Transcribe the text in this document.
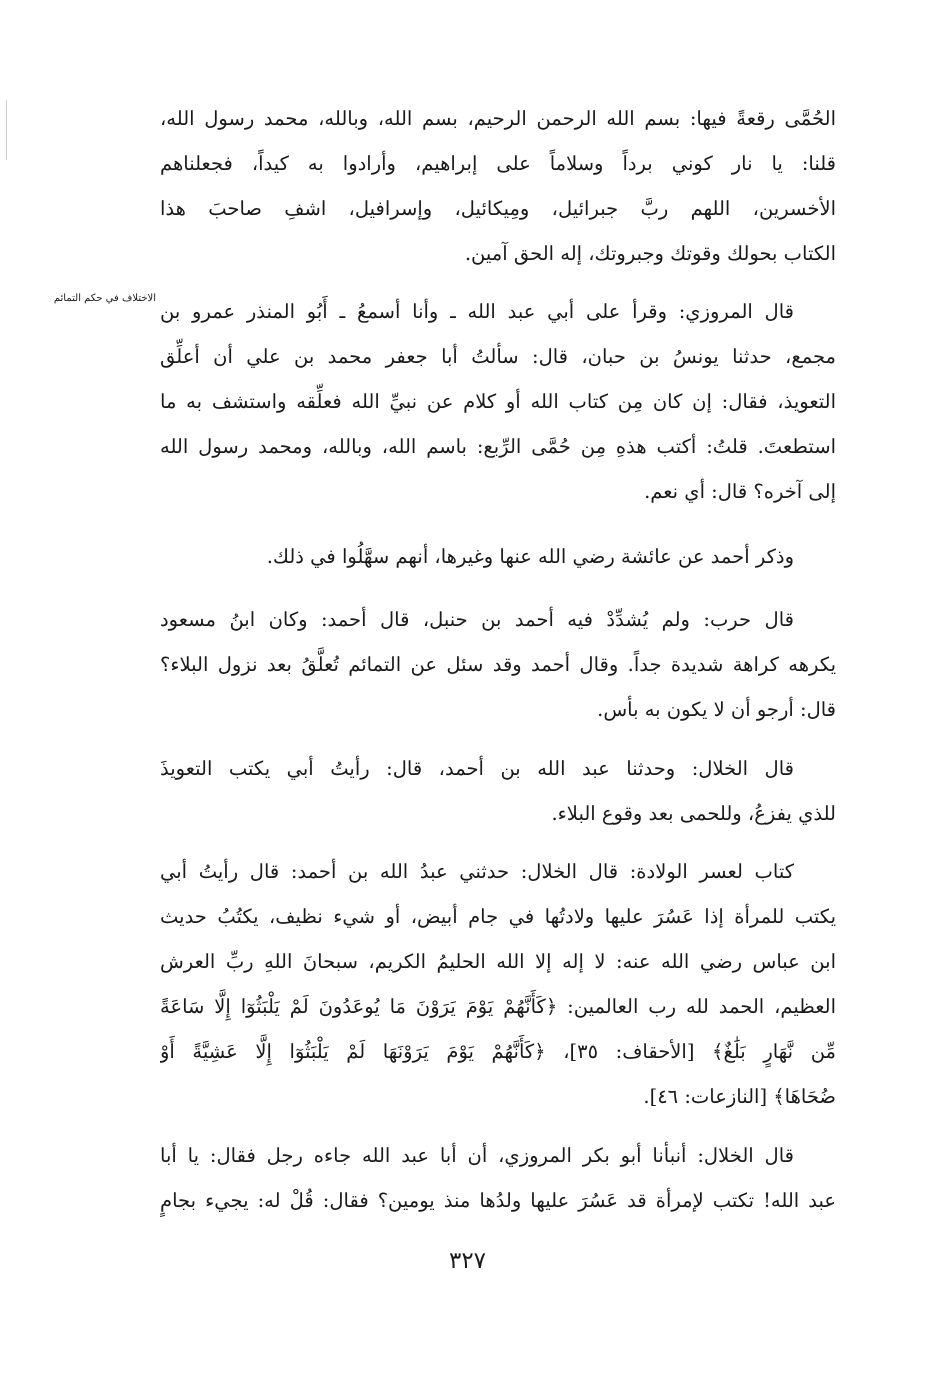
الاختلاف في حكم التمائم
الحُمَّى رقعةً فيها: بسم الله الرحمن الرحيم، بسم الله، وبالله، محمد رسول الله،
قلنا: يا نار كوني برداً وسلاماً على إبراهيم، وأرادوا به كيداً، فجعلناهم
الأخسرين، اللهم ربَّ جبرائيل، ومِيكائيل، وإسرافيل، اشفِ صاحبَ هذا
الكتاب بحولك وقوتك وجبروتك، إله الحق آمين.
قال المروزي: وقرأ على أبي عبد الله ـ وأنا أسمعُ ـ أَبُو المنذر عمرو بن
مجمع، حدثنا يونسُ بن حبان، قال: سألتُ أبا جعفر محمد بن علي أن أعلِّق
التعويذ، فقال: إن كان مِن كتاب الله أو كلام عن نبيِّ الله فعلِّقه واستشف به ما
استطعتَ. قلتُ: أكتب هذهِ مِن حُمَّى الرِّبع: باسم الله، وبالله، ومحمد رسول الله
إلى آخره؟ قال: أي نعم.
وذكر أحمد عن عائشة رضي الله عنها وغيرها، أنهم سهَّلُوا في ذلك.
قال حرب: ولم يُشدِّدْ فيه أحمد بن حنبل، قال أحمد: وكان ابنُ مسعود
يكرهه كراهة شديدة جداً. وقال أحمد وقد سئل عن التمائم تُعلَّقُ بعد نزول البلاء؟
قال: أرجو أن لا يكون به بأس.
قال الخلال: وحدثنا عبد الله بن أحمد، قال: رأيتُ أبي يكتب التعويذَ
للذي يفزعُ، وللحمى بعد وقوع البلاء.
كتاب لعسر الولادة: قال الخلال: حدثني عبدُ الله بن أحمد: قال رأيتُ أبي
يكتب للمرأة إذا عَسُرَ عليها ولادتُها في جام أبيض، أو شيء نظيف، يكتُبُ حديث
ابن عباس رضي الله عنه: لا إله إلا الله الحليمُ الكريم، سبحانَ اللهِ ربِّ العرش
العظيم، الحمد لله رب العالمين: ﴿كَأَنَّهُمْ يَوْمَ يَرَوْنَ مَا يُوعَدُونَ لَمْ يَلْبَثُوٓا إِلَّا سَاعَةً
مِّن نَّهَارٍ بَلَٰغٌ﴾ [الأحقاف: ٣٥]، ﴿كَأَنَّهُمْ يَوْمَ يَرَوْنَهَا لَمْ يَلْبَثُوٓا إِلَّا عَشِيَّةً أَوْ
ضُحَاهَا﴾ [النازعات: ٤٦].
قال الخلال: أنبأنا أبو بكر المروزي، أن أبا عبد الله جاءه رجل فقال: يا أبا
عبد الله! تكتب لإمرأة قد عَسُرَ عليها ولدُها منذ يومين؟ فقال: قُلْ له: يجيء بجامٍ
٣٢٧
